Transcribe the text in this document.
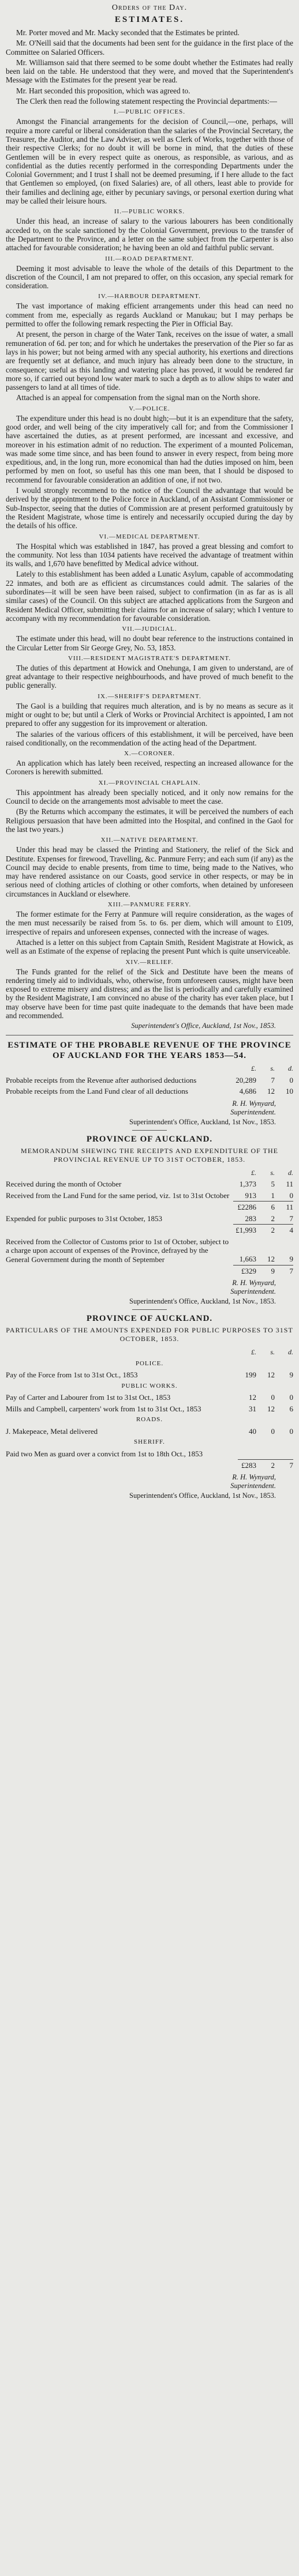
Orders of the Day.
ESTIMATES.

Mr. Porter moved and Mr. Macky seconded that the Estimates be printed.

Mr. O'Neill said that the documents had been sent for the guidance in the first place of the Committee on Salaried Officers.

Mr. Williamson said that there seemed to be some doubt whether the Estimates had really been laid on the table. He understood that they were, and moved that the Superintendent's Message with the Estimates for the present year be read.

Mr. Hart seconded this proposition, which was agreed to.

The Clerk then read the following statement respecting the Provincial departments:—

I.—PUBLIC OFFICES.

Amongst the Financial arrangements for the decision of Council,—one, perhaps, will require a more careful or liberal consideration than the salaries of the Provincial Secretary, the Treasurer, the Auditor, and the Law Adviser, as well as Clerk of Works, together with those of their respective Clerks; for no doubt it will be borne in mind, that the duties of these Gentlemen will be in every respect quite as onerous, as responsible, as various, and as confidential as the duties recently performed in the corresponding Departments under the Colonial Government; and I trust I shall not be deemed presuming, if I here allude to the fact that Gentlemen so employed, (on fixed Salaries) are, of all others, least able to provide for their families and declining age, either by pecuniary savings, or personal exertion during what may be called their leisure hours.

II.—PUBLIC WORKS.

Under this head, an increase of salary to the various labourers has been conditionally acceded to, on the scale sanctioned by the Colonial Government, previous to the transfer of the Department to the Province, and a letter on the same subject from the Carpenter is also attached for favourable consideration; he having been an old and faithful public servant.

III.—ROAD DEPARTMENT.

Deeming it most advisable to leave the whole of the details of this Department to the discretion of the Council, I am not prepared to offer, on this occasion, any special remark for consideration.

IV.—HARBOUR DEPARTMENT.

The vast importance of making efficient arrangements under this head can need no comment from me, especially as regards Auckland or Manukau; but I may perhaps be permitted to offer the following remark respecting the Pier in Official Bay.

At present, the person in charge of the Water Tank, receives on the issue of water, a small remuneration of 6d. per ton; and for which he undertakes the preservation of the Pier so far as lays in his power; but not being armed with any special authority, his exertions and directions are frequently set at defiance, and much injury has already been done to the structure, in consequence; useful as this landing and watering place has proved, it would be rendered far more so, if carried out beyond low water mark to such a depth as to allow ships to water and passengers to land at all times of tide.

Attached is an appeal for compensation from the signal man on the North shore.

V.—POLICE.

The expenditure under this head is no doubt high;—but it is an expenditure that the safety, good order, and well being of the city imperatively call for; and from the Commissioner I have ascertained the duties, as at present performed, are incessant and excessive, and moreover in his estimation admit of no reduction. The experiment of a mounted Policeman, was made some time since, and has been found to answer in every respect, from being more expeditious, and, in the long run, more economical than had the duties imposed on him, been performed by men on foot, so useful has this one man been, that I should be disposed to recommend for favourable consideration an addition of one, if not two.

I would strongly recommend to the notice of the Council the advantage that would be derived by the appointment to the Police force in Auckland, of an Assistant Commissioner or Sub-Inspector, seeing that the duties of Commission are at present performed gratuitously by the Resident Magistrate, whose time is entirely and necessarily occupied during the day by the details of his office.

VI.—MEDICAL DEPARTMENT.

The Hospital which was established in 1847, has proved a great blessing and comfort to the community. Not less than 1034 patients have received the advantage of treatment within its walls, and 1,670 have benefitted by Medical advice without.

Lately to this establishment has been added a Lunatic Asylum, capable of accommodating 22 inmates, and both are as efficient as circumstances could admit. The salaries of the subordinates—it will be seen have been raised, subject to confirmation (in as far as is all similar cases) of the Council. On this subject are attached applications from the Surgeon and Resident Medical Officer, submitting their claims for an increase of salary; which I venture to accompany with my recommendation for favourable consideration.

VII.—JUDICIAL.

The estimate under this head, will no doubt bear reference to the instructions contained in the Circular Letter from Sir George Grey, No. 53, 1853.

VIII.—RESIDENT MAGISTRATE'S DEPARTMENT.

The duties of this department at Howick and Onehunga, I am given to understand, are of great advantage to their respective neighbourhoods, and have proved of much benefit to the public generally.

IX.—SHERIFF'S DEPARTMENT.

The Gaol is a building that requires much alteration, and is by no means as secure as it might or ought to be; but until a Clerk of Works or Provincial Architect is appointed, I am not prepared to offer any suggestion for its improvement or alteration.

The salaries of the various officers of this establishment, it will be perceived, have been raised conditionally, on the recommendation of the acting head of the Department.

X.—CORONER.

An application which has lately been received, respecting an increased allowance for the Coroners is herewith submitted.

XI.—PROVINCIAL CHAPLAIN.

This appointment has already been specially noticed, and it only now remains for the Council to decide on the arrangements most advisable to meet the case.

(By the Returns which accompany the estimates, it will be perceived the numbers of each Religious persuasion that have been admitted into the Hospital, and confined in the Gaol for the last two years.)

XII.—NATIVE DEPARTMENT.

Under this head may be classed the Printing and Stationery, the relief of the Sick and Destitute. Expenses for firewood, Travelling, &c. Panmure Ferry; and each sum (if any) as the Council may decide to enable presents, from time to time, being made to the Natives, who may have rendered assistance on our Coasts, good service in other respects, or may be in serious need of clothing articles of clothing or other comforts, when detained by unforeseen circumstances in Auckland or elsewhere.

XIII.—PANMURE FERRY.

The former estimate for the Ferry at Panmure will require consideration, as the wages of the men must necessarily be raised from 5s. to 6s. per diem, which will amount to £109, irrespective of repairs and unforeseen expenses, connected with the increase of wages.

Attached is a letter on this subject from Captain Smith, Resident Magistrate at Howick, as well as an Estimate of the expense of replacing the present Punt which is quite unserviceable.

XIV.—RELIEF.

The Funds granted for the relief of the Sick and Destitute have been the means of rendering timely aid to individuals, who, otherwise, from unforeseen causes, might have been exposed to extreme misery and distress; and as the list is periodically and carefully examined by the Resident Magistrate, I am convinced no abuse of the charity has ever taken place, but I may observe have been for time past quite inadequate to the demands that have been made and recommended.

Superintendent's Office, Auckland, 1st Nov., 1853.
ESTIMATE OF THE PROBABLE REVENUE OF THE PROVINCE OF AUCKLAND FOR THE YEARS 1853—54.
	£.	s.	d.
Probable receipts from the Revenue after authorised deductions	20,289	7	0
Probable receipts from the Land Fund clear of all deductions	4,686	12	10
R. H. Wynyard,
Superintendent.
Superintendent's Office, Auckland, 1st Nov., 1853.
PROVINCE OF AUCKLAND.
MEMORANDUM SHEWING THE RECEIPTS AND EXPENDITURE OF THE PROVINCIAL REVENUE UP TO 31ST OCTOBER, 1853.
	£.	s.	d.
Received during the month of October	1,373	5	11
Received from the Land Fund for the same period, viz. 1st to 31st October	913	1	0
	£2286	6	11
Expended for public purposes to 31st October, 1853	283	2	7
	£1,993	2	4
Received from the Collector of Customs prior to 1st of October, subject to a charge upon account of expenses of the Province, defrayed by the General Government during the month of September	1,663	12	9
	£329	9	7
R. H. Wynyard,
Superintendent.
Superintendent's Office, Auckland, 1st Nov., 1853.
PROVINCE OF AUCKLAND.
PARTICULARS OF THE AMOUNTS EXPENDED FOR PUBLIC PURPOSES TO 31ST OCTOBER, 1853.
	£.	s.	d.
POLICE.			
Pay of the Force from 1st to 31st Oct., 1853	199	12	9
PUBLIC WORKS.			
Pay of Carter and Labourer from 1st to 31st Oct., 1853	12	0	0
Mills and Campbell, carpenters' work from 1st to 31st Oct., 1853	31	12	6
ROADS.			
J. Makepeace, Metal delivered	40	0	0
SHERIFF.			
Paid two Men as guard over a convict from 1st to 18th Oct., 1853			
	£283	2	7
R. H. Wynyard,
Superintendent.
Superintendent's Office, Auckland, 1st Nov., 1853.
